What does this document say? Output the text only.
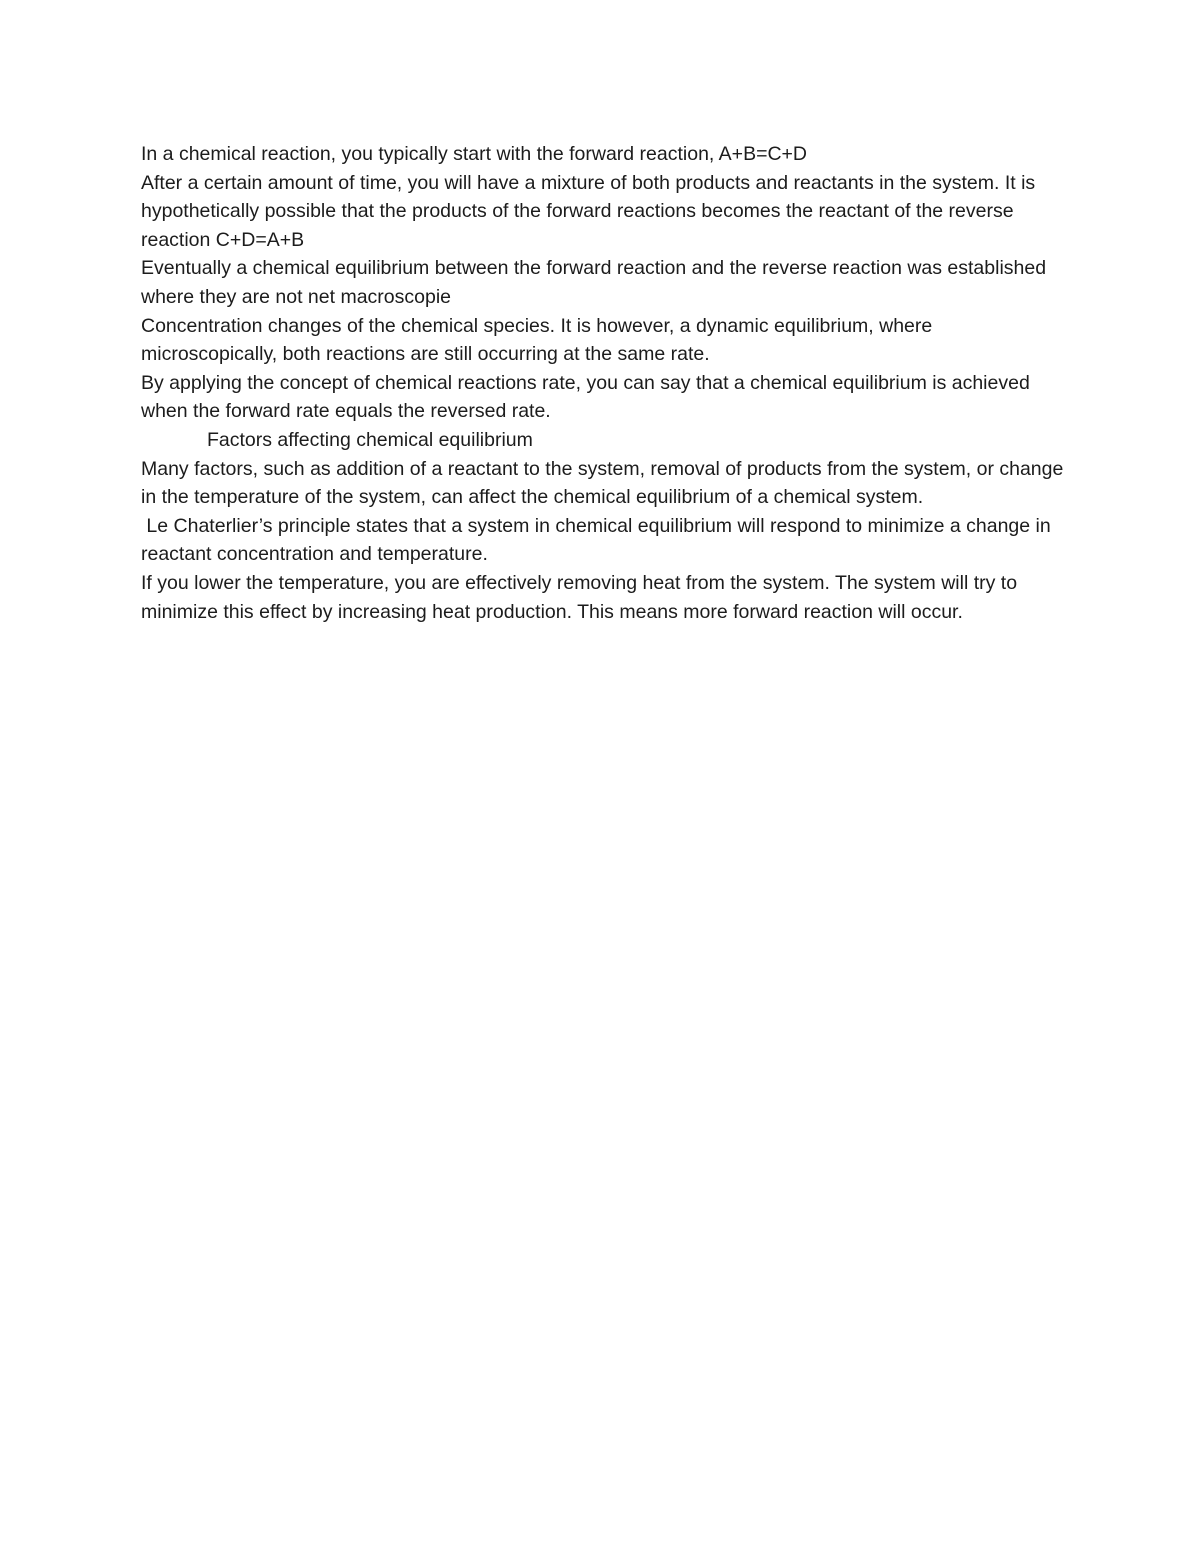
In a chemical reaction, you typically start with the forward reaction, A+B=C+D

After a certain amount of time, you will have a mixture of both products and reactants in the system. It is hypothetically possible that the products of the forward reactions becomes the reactant of the reverse reaction C+D=A+B

Eventually a chemical equilibrium between the forward reaction and the reverse reaction was established where they are not net macroscopie

Concentration changes of the chemical species. It is however, a dynamic equilibrium, where microscopically, both reactions are still occurring at the same rate.

By applying the concept of chemical reactions rate, you can say that a chemical equilibrium is achieved when the forward rate equals the reversed rate.

Factors affecting chemical equilibrium

Many factors, such as addition of a reactant to the system, removal of products from the system, or change in the temperature of the system, can affect the chemical equilibrium of a chemical system.

Le Chaterlier’s principle states that a system in chemical equilibrium will respond to minimize a change in reactant concentration and temperature.

If you lower the temperature, you are effectively removing heat from the system. The system will try to minimize this effect by increasing heat production. This means more forward reaction will occur.
